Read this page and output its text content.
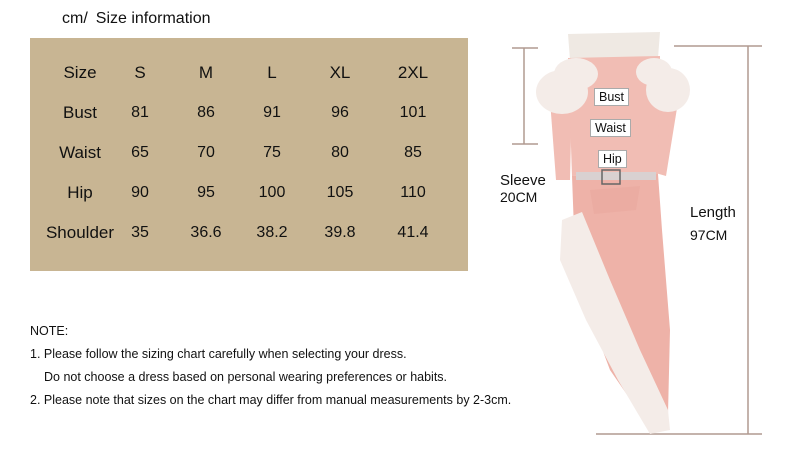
cm/ Size information
Size	S	M	L	XL	2XL
Bust	81	86	91	96	101
Waist	65	70	75	80	85
Hip	90	95	100	105	110
Shoulder	35	36.6	38.2	39.8	41.4
NOTE:
1. Please follow the sizing chart carefully when selecting your dress.
Do not choose a dress based on personal wearing preferences or habits.
2. Please note that sizes on the chart may differ from manual measurements by 2-3cm.
Bust
Waist
Hip
Sleeve
20CM
Length
97CM
